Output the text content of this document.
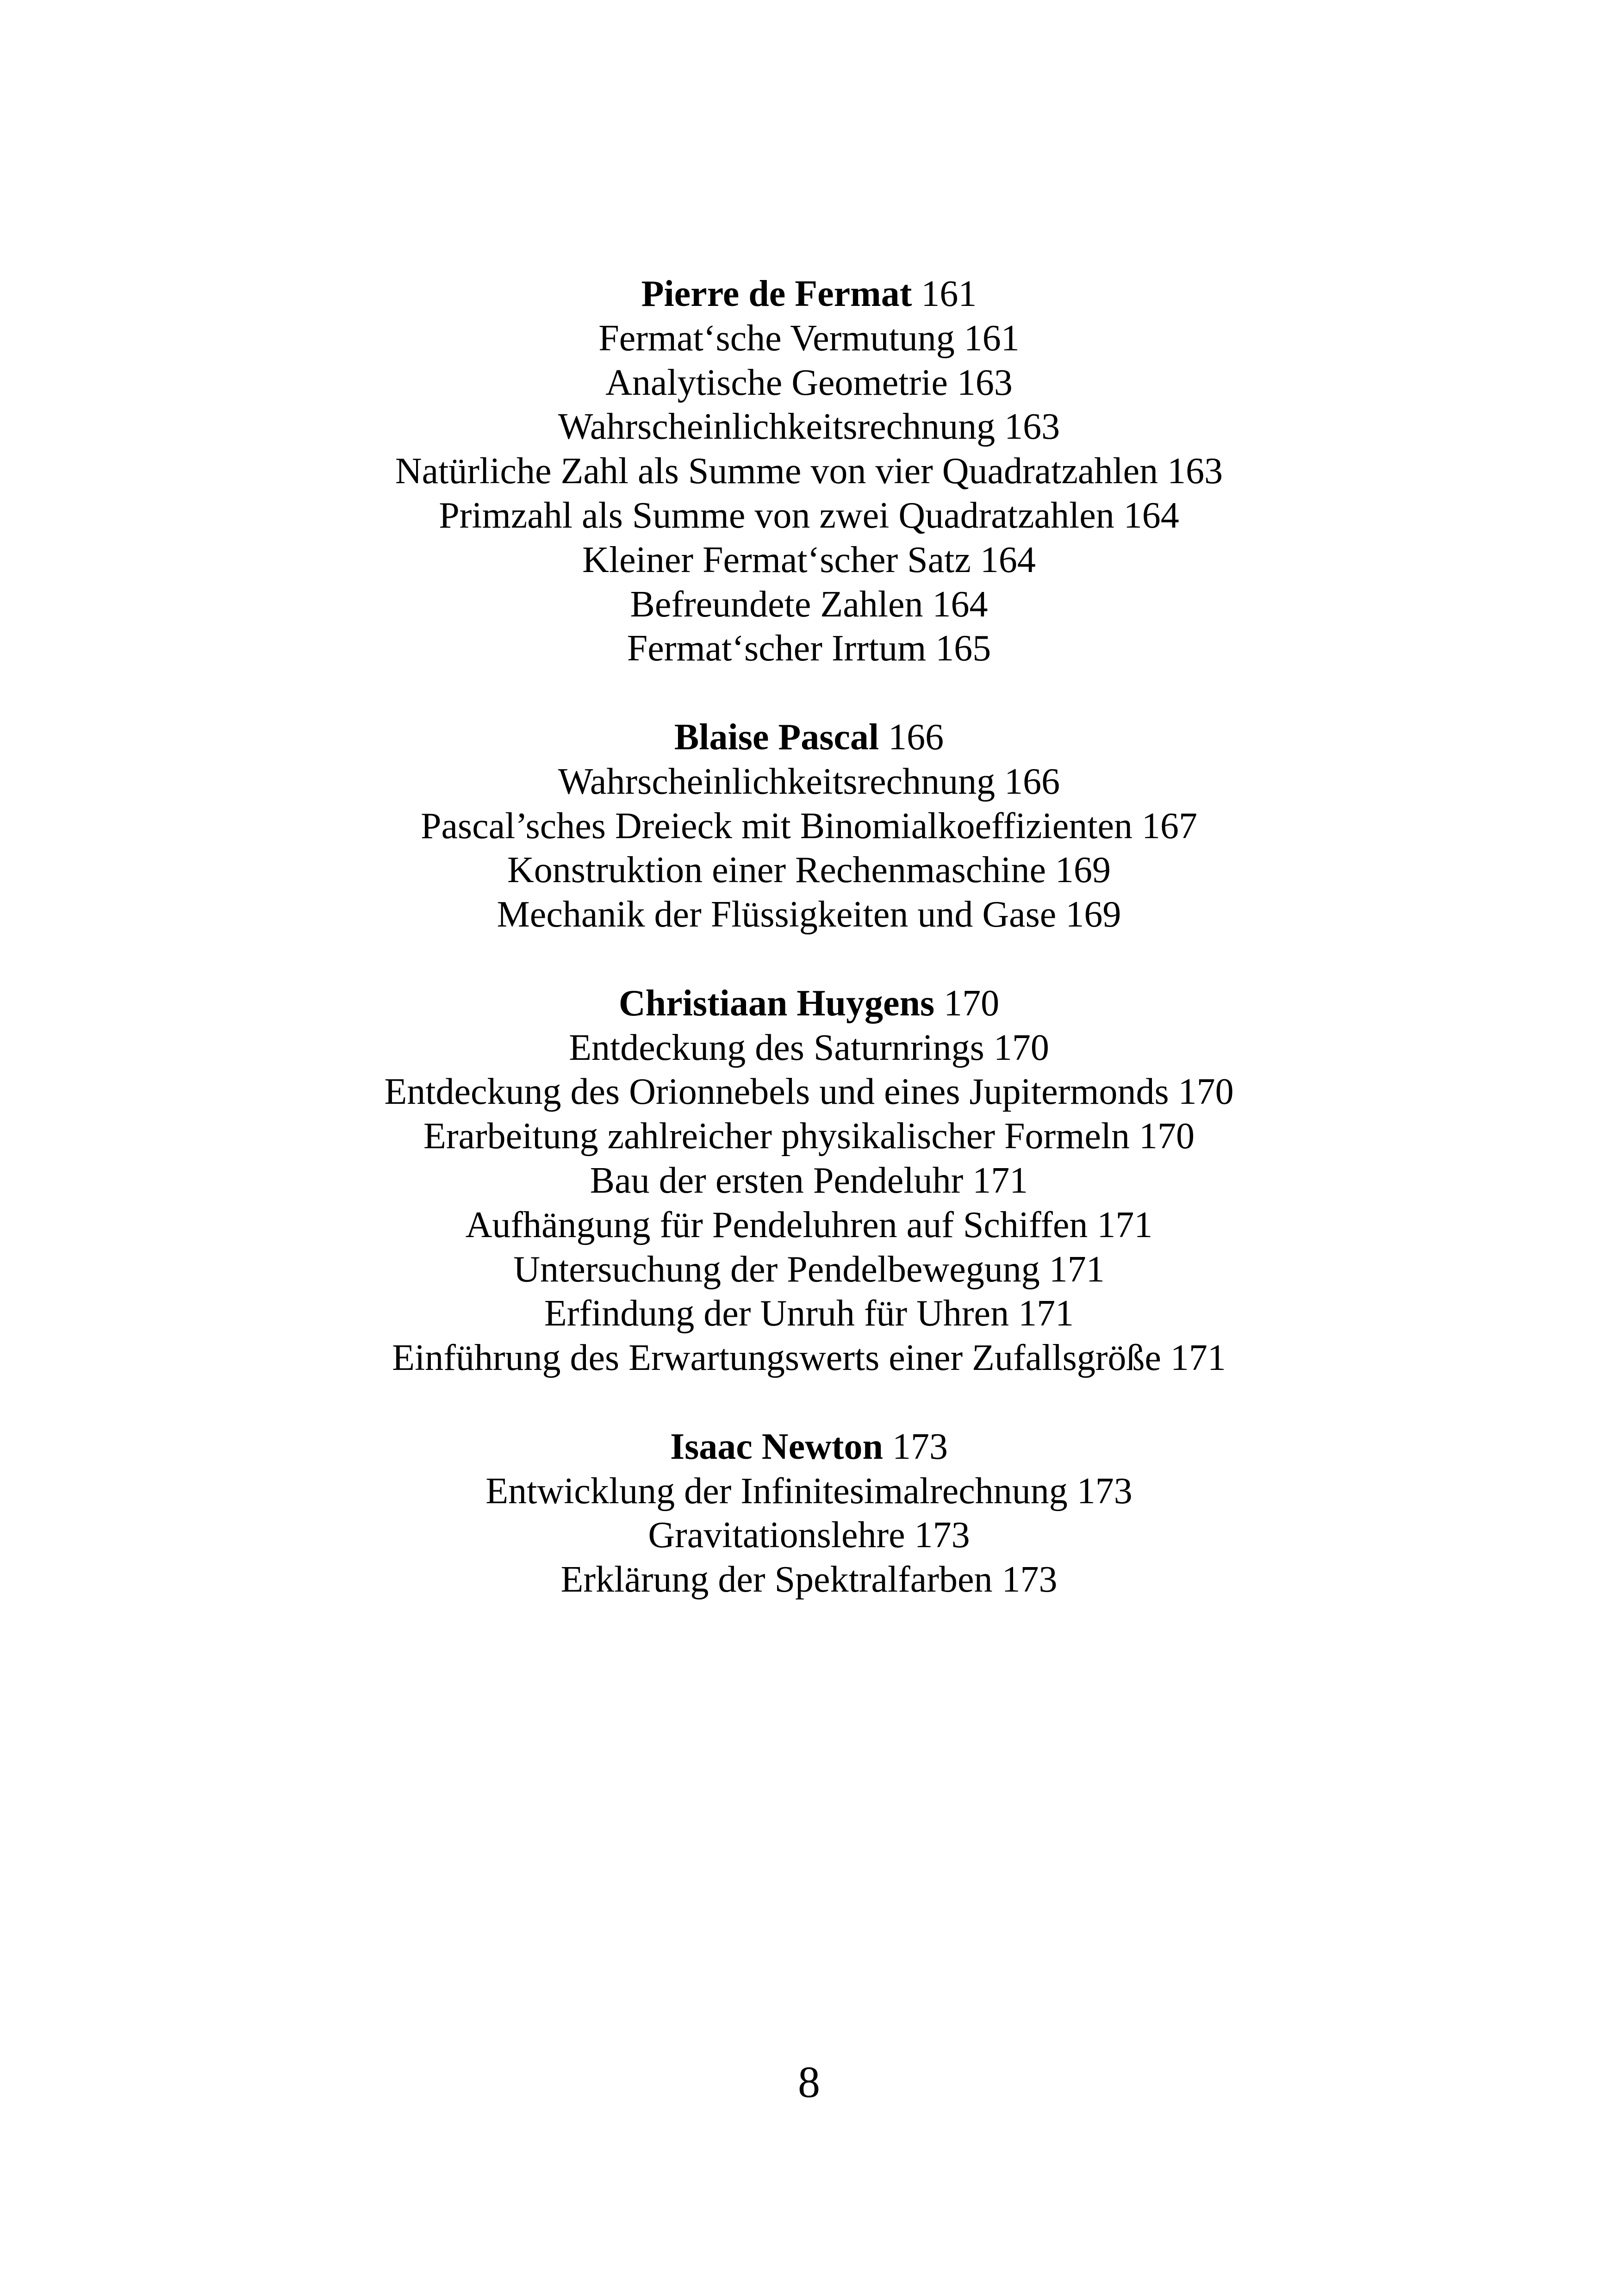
Pierre de Fermat 161
Fermat‘sche Vermutung 161
Analytische Geometrie 163
Wahrscheinlichkeitsrechnung 163
Natürliche Zahl als Summe von vier Quadratzahlen 163
Primzahl als Summe von zwei Quadratzahlen 164
Kleiner Fermat‘scher Satz 164
Befreundete Zahlen 164
Fermat‘scher Irrtum 165
Blaise Pascal 166
Wahrscheinlichkeitsrechnung 166
Pascal’sches Dreieck mit Binomialkoeffizienten 167
Konstruktion einer Rechenmaschine 169
Mechanik der Flüssigkeiten und Gase 169
Christiaan Huygens 170
Entdeckung des Saturnrings 170
Entdeckung des Orionnebels und eines Jupitermonds 170
Erarbeitung zahlreicher physikalischer Formeln 170
Bau der ersten Pendeluhr 171
Aufhängung für Pendeluhren auf Schiffen 171
Untersuchung der Pendelbewegung 171
Erfindung der Unruh für Uhren 171
Einführung des Erwartungswerts einer Zufallsgröße 171
Isaac Newton 173
Entwicklung der Infinitesimalrechnung 173
Gravitationslehre 173
Erklärung der Spektralfarben 173
8
